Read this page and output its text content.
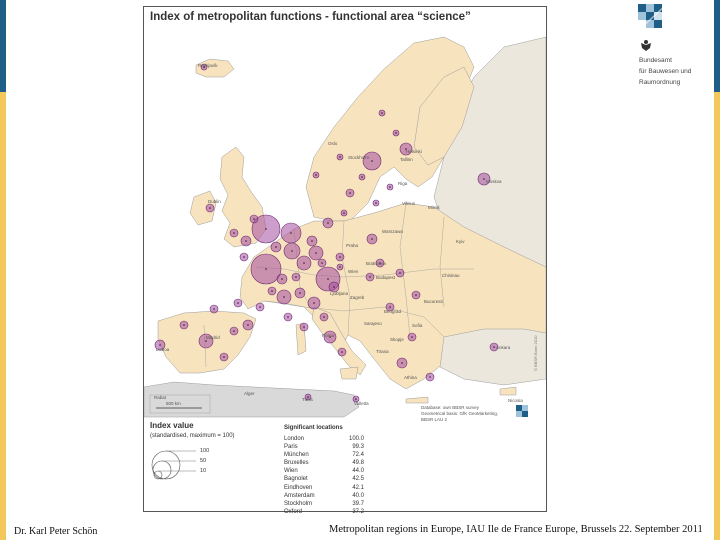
Bundesamt
für Bauwesen und
Raumordnung
500 km
Reykjavík
Oslo
Stockholm
Helsinki
Tallinn
Riga	Moskva
Vilnius
Minsk
Dublin
Warszawa
Kyiv
Praha
Bratislava
Budapest	Chisinau
Wien
Ljubljana
Zagreb
Bucuresti
Beograd
Sarajevo	Sofia
Skopje
Tirana
Ankara
Athina
Lisboa
Madrid	Roma
Rabat
Alger
Tunis
Valletta
Nicosia
Index of metropolitan functions - functional area “science”
Index value
(standardised, maximum = 100)
100
50
10
Significant locations
London	100.0
Paris	99.3
München	72.4
Bruxelles	49.8
Wien	44.0
Bagnolet	42.5
Eindhoven	42.1
Amsterdam	40.0
Stockholm	39.7
Oxford	37.2
Database: own BBSR survey
Geometrical basis: GfK GeoMarketing,
BBSR LAU 2
© BBSR Bonn 2010
Dr. Karl Peter Schön	Metropolitan regions in Europe, IAU Ile de France Europe, Brussels 22. September 2011
